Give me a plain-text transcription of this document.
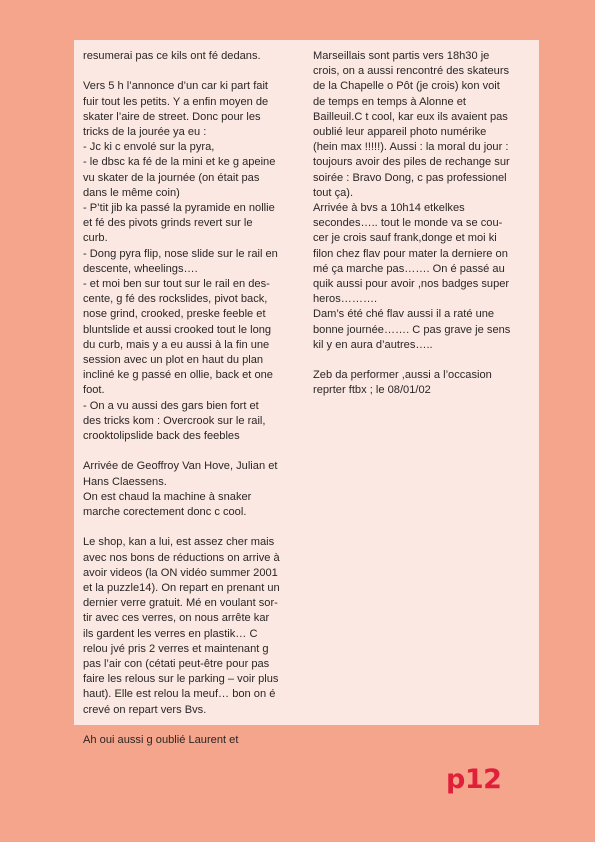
resumerai pas ce kils ont fé dedans.

Vers 5 h l’annonce d’un car ki part fait
fuir tout les petits. Y a enfin moyen de
skater l’aire de street. Donc pour les
tricks de la jourée ya eu :
- Jc ki c envolé sur la pyra,
- le dbsc ka fé de la mini et ke g apeine
vu skater de la journée (on était pas
dans le même coin)
- P’tit jib ka passé la pyramide en nollie
et fé des pivots grinds revert sur le
curb.
- Dong pyra flip, nose slide sur le rail en
descente, wheelings….
- et moi ben sur tout sur le rail en des-
cente, g fé des rockslides, pivot back,
nose grind, crooked, preske feeble et
bluntslide et aussi crooked tout le long
du curb, mais y a eu aussi à la fin une
session avec un plot en haut du plan
incliné ke g passé en ollie, back et one
foot.
- On a vu aussi des gars bien fort et
des tricks kom : Overcrook sur le rail,
crooktolipslide back des feebles

Arrivée de Geoffroy Van Hove, Julian et
Hans Claessens.
On est chaud la machine à snaker
marche corectement donc c cool.

Le shop, kan a lui, est assez cher mais
avec nos bons de réductions on arrive à
avoir videos (la ON vidéo summer 2001
et la puzzle14). On repart en prenant un
dernier verre gratuit. Mé en voulant sor-
tir avec ces verres, on nous arrête kar
ils gardent les verres en plastik… C
relou jvé pris 2 verres et maintenant g
pas l’air con (cétati peut-être pour pas
faire les relous sur le parking – voir plus
haut). Elle est relou la meuf… bon on é
crevé on repart vers Bvs.

Ah oui aussi g oublié Laurent et

Marseillais sont partis vers 18h30 je
crois, on a aussi rencontré des skateurs
de la Chapelle o Pôt (je crois) kon voit
de temps en temps à Alonne et
Bailleuil.C t cool, kar eux ils avaient pas
oublié leur appareil photo numérike
(hein max !!!!!). Aussi : la moral du jour :
toujours avoir des piles de rechange sur
soirée : Bravo Dong, c pas professionel
tout ça).
Arrivée à bvs a 10h14 etkelkes
secondes….. tout le monde va se cou-
cer je crois sauf frank,donge et moi ki
filon chez flav pour mater la derniere on
mé ça marche pas……. On é passé au
quik aussi pour avoir ,nos badges super
heros……….
Dam’s été ché flav aussi il a raté une
bonne journée……. C pas grave je sens
kil y en aura d’autres…..

Zeb da performer ,aussi a l’occasion
reprter ftbx ; le 08/01/02

p12
